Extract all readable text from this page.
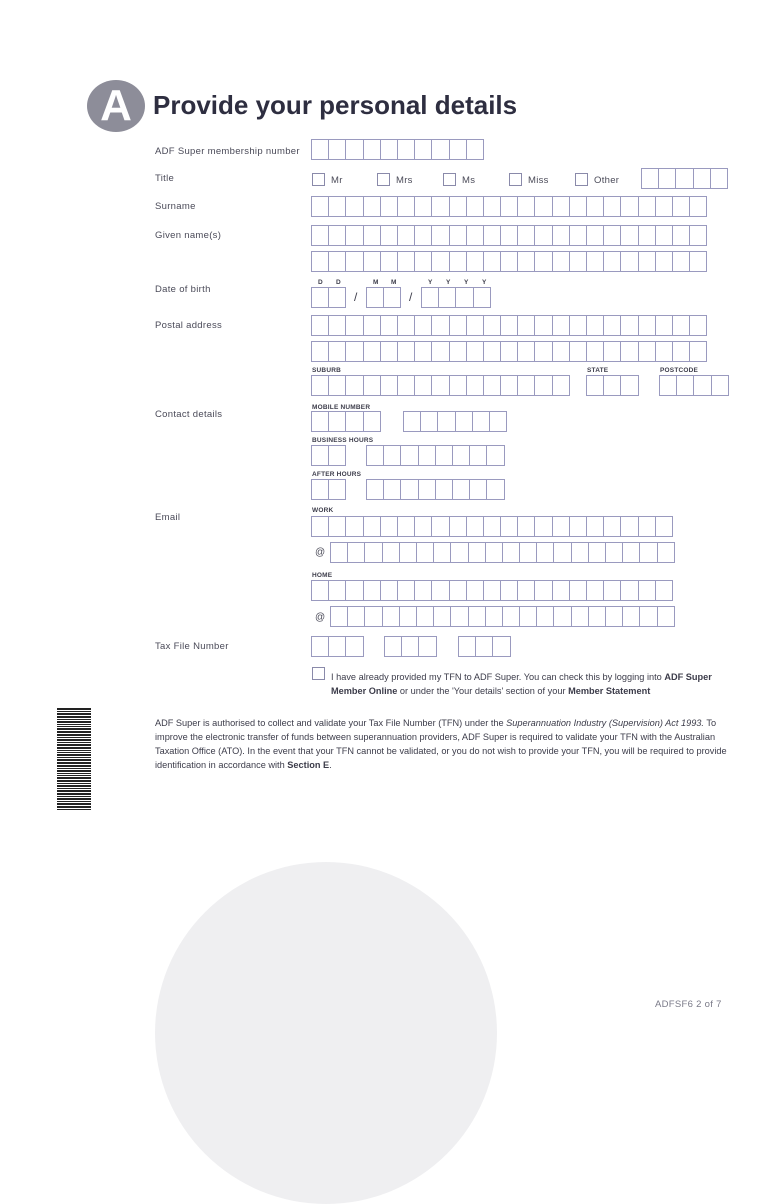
A Provide your personal details
ADF Super membership number
Title	Mr	Mrs	Ms	Miss	Other
Surname
Given name(s)
Date of birth
D D	M M	Y Y Y Y
/	/
Postal address
SUBURB	STATE	POSTCODE
Contact details
MOBILE NUMBER
BUSINESS HOURS
AFTER HOURS
Email
WORK
@
HOME
@
Tax File Number
I have already provided my TFN to ADF Super. You can check this by logging into ADF Super Member Online or under the 'Your details' section of your Member Statement
ADF Super is authorised to collect and validate your Tax File Number (TFN) under the Superannuation Industry (Supervision) Act 1993. To improve the electronic transfer of funds between superannuation providers, ADF Super is required to validate your TFN with the Australian Taxation Office (ATO). In the event that your TFN cannot be validated, or you do not wish to provide your TFN, you will be required to provide identification in accordance with Section E.
ADFSF6 2 of 7
